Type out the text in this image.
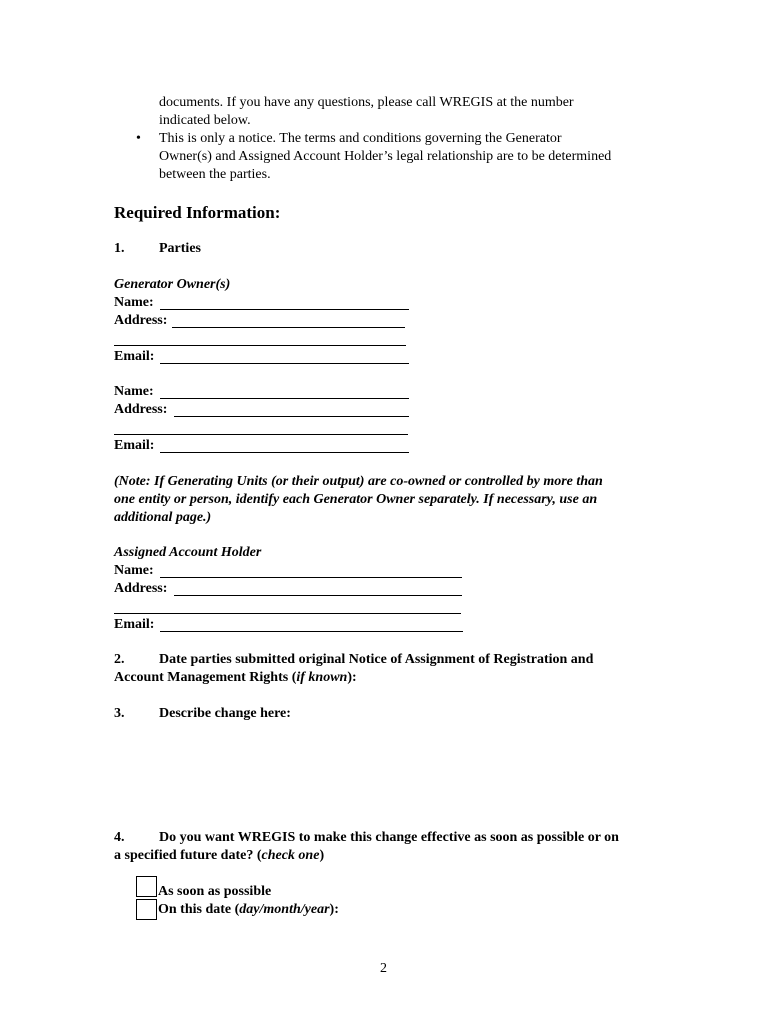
documents. If you have any questions, please call WREGIS at the number
indicated below.
• This is only a notice. The terms and conditions governing the Generator
Owner(s) and Assigned Account Holder’s legal relationship are to be determined
between the parties.
Required Information:
1. Parties
Generator Owner(s)
Name:
Address:
Email:
Name:
Address:
Email:
(Note: If Generating Units (or their output) are co-owned or controlled by more than
one entity or person, identify each Generator Owner separately. If necessary, use an
additional page.)
Assigned Account Holder
Name:
Address:
Email:
2. Date parties submitted original Notice of Assignment of Registration and
Account Management Rights (if known):
3. Describe change here:
4. Do you want WREGIS to make this change effective as soon as possible or on
a specified future date? (check one)
As soon as possible
On this date (day/month/year):
2
